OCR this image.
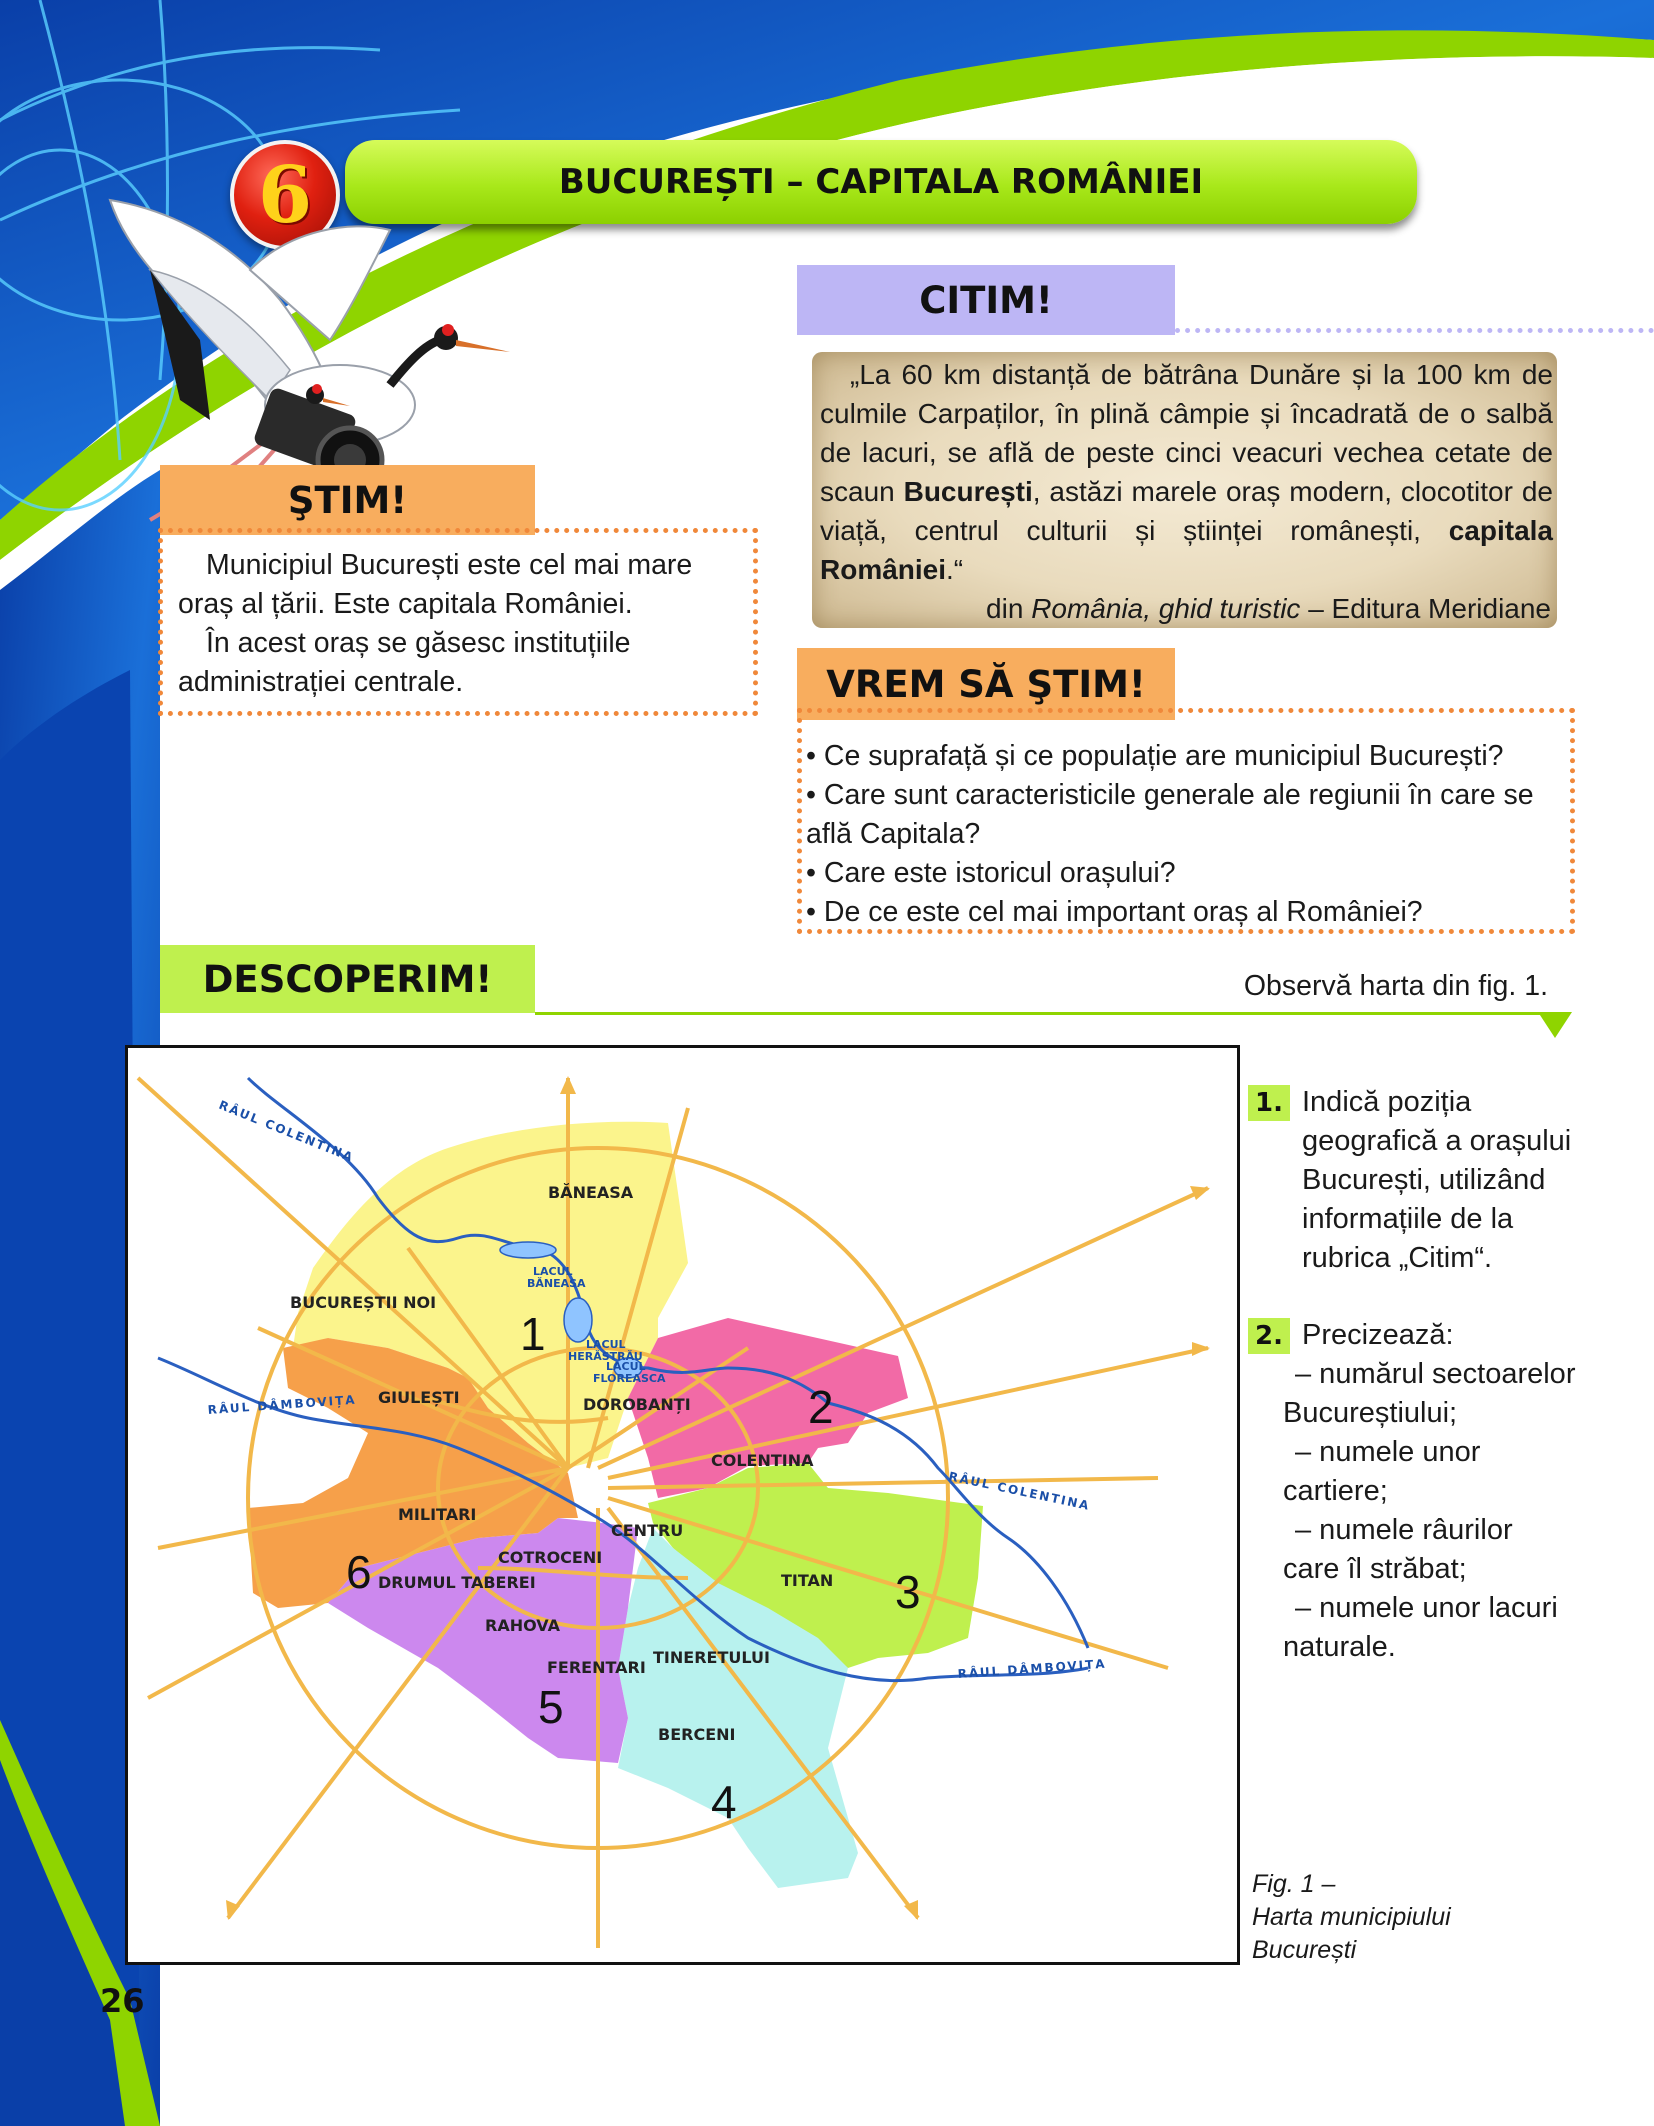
6	BUCUREȘTI – CAPITALA ROMÂNIEI
ŞTIM!

Municipiul București este cel mai mare oraș al țării. Este capitala României.

În acest oraș se găsesc instituțiile administrației centrale.

CITIM!
„La 60 km distanță de bătrâna Dunăre și la 100 km de culmile Carpaților, în plină câmpie și încadrată de o salbă de lacuri, se află de peste cinci veacuri vechea cetate de scaun București, astăzi marele oraș modern, clocotitor de viață, centrul culturii și științei românești, capitala României.“
din România, ghid turistic – Editura Meridiane
VREM SĂ ŞTIM!

• Ce suprafață și ce populație are municipiul București?

• Care sunt caracteristicile generale ale regiunii în care se află Capitala?

• Care este istoricul orașului?

• De ce este cel mai important oraș al României?

DESCOPERIM!	Observă harta din fig. 1.
RÂUL COLENTINA
RÂUL COLENTINA
RÂUL DÂMBOVIȚA
RÂUL DÂMBOVIȚA
LACUL
BĂNEASA
LACUL
HERĂSTRĂU
LACUL
FLOREASCA
BĂNEASA
BUCUREȘTII NOI
GIULEȘTI	DOROBANȚI
COLENTINA
MILITARI
CENTRU
COTROCENI
DRUMUL TABEREI	TITAN
RAHOVA
FERENTARI
TINERETULUI
BERCENI
1
2
3
4
5
6
1. Indică poziția
geografică a orașului
București, utilizând
informațiile de la
rubrica „Citim“.
2. Precizează:
– numărul sectoarelor
Bucureștiului;
– numele unor
cartiere;
– numele râurilor
care îl străbat;
– numele unor lacuri
naturale.
Fig. 1 –
Harta municipiului
București
26
